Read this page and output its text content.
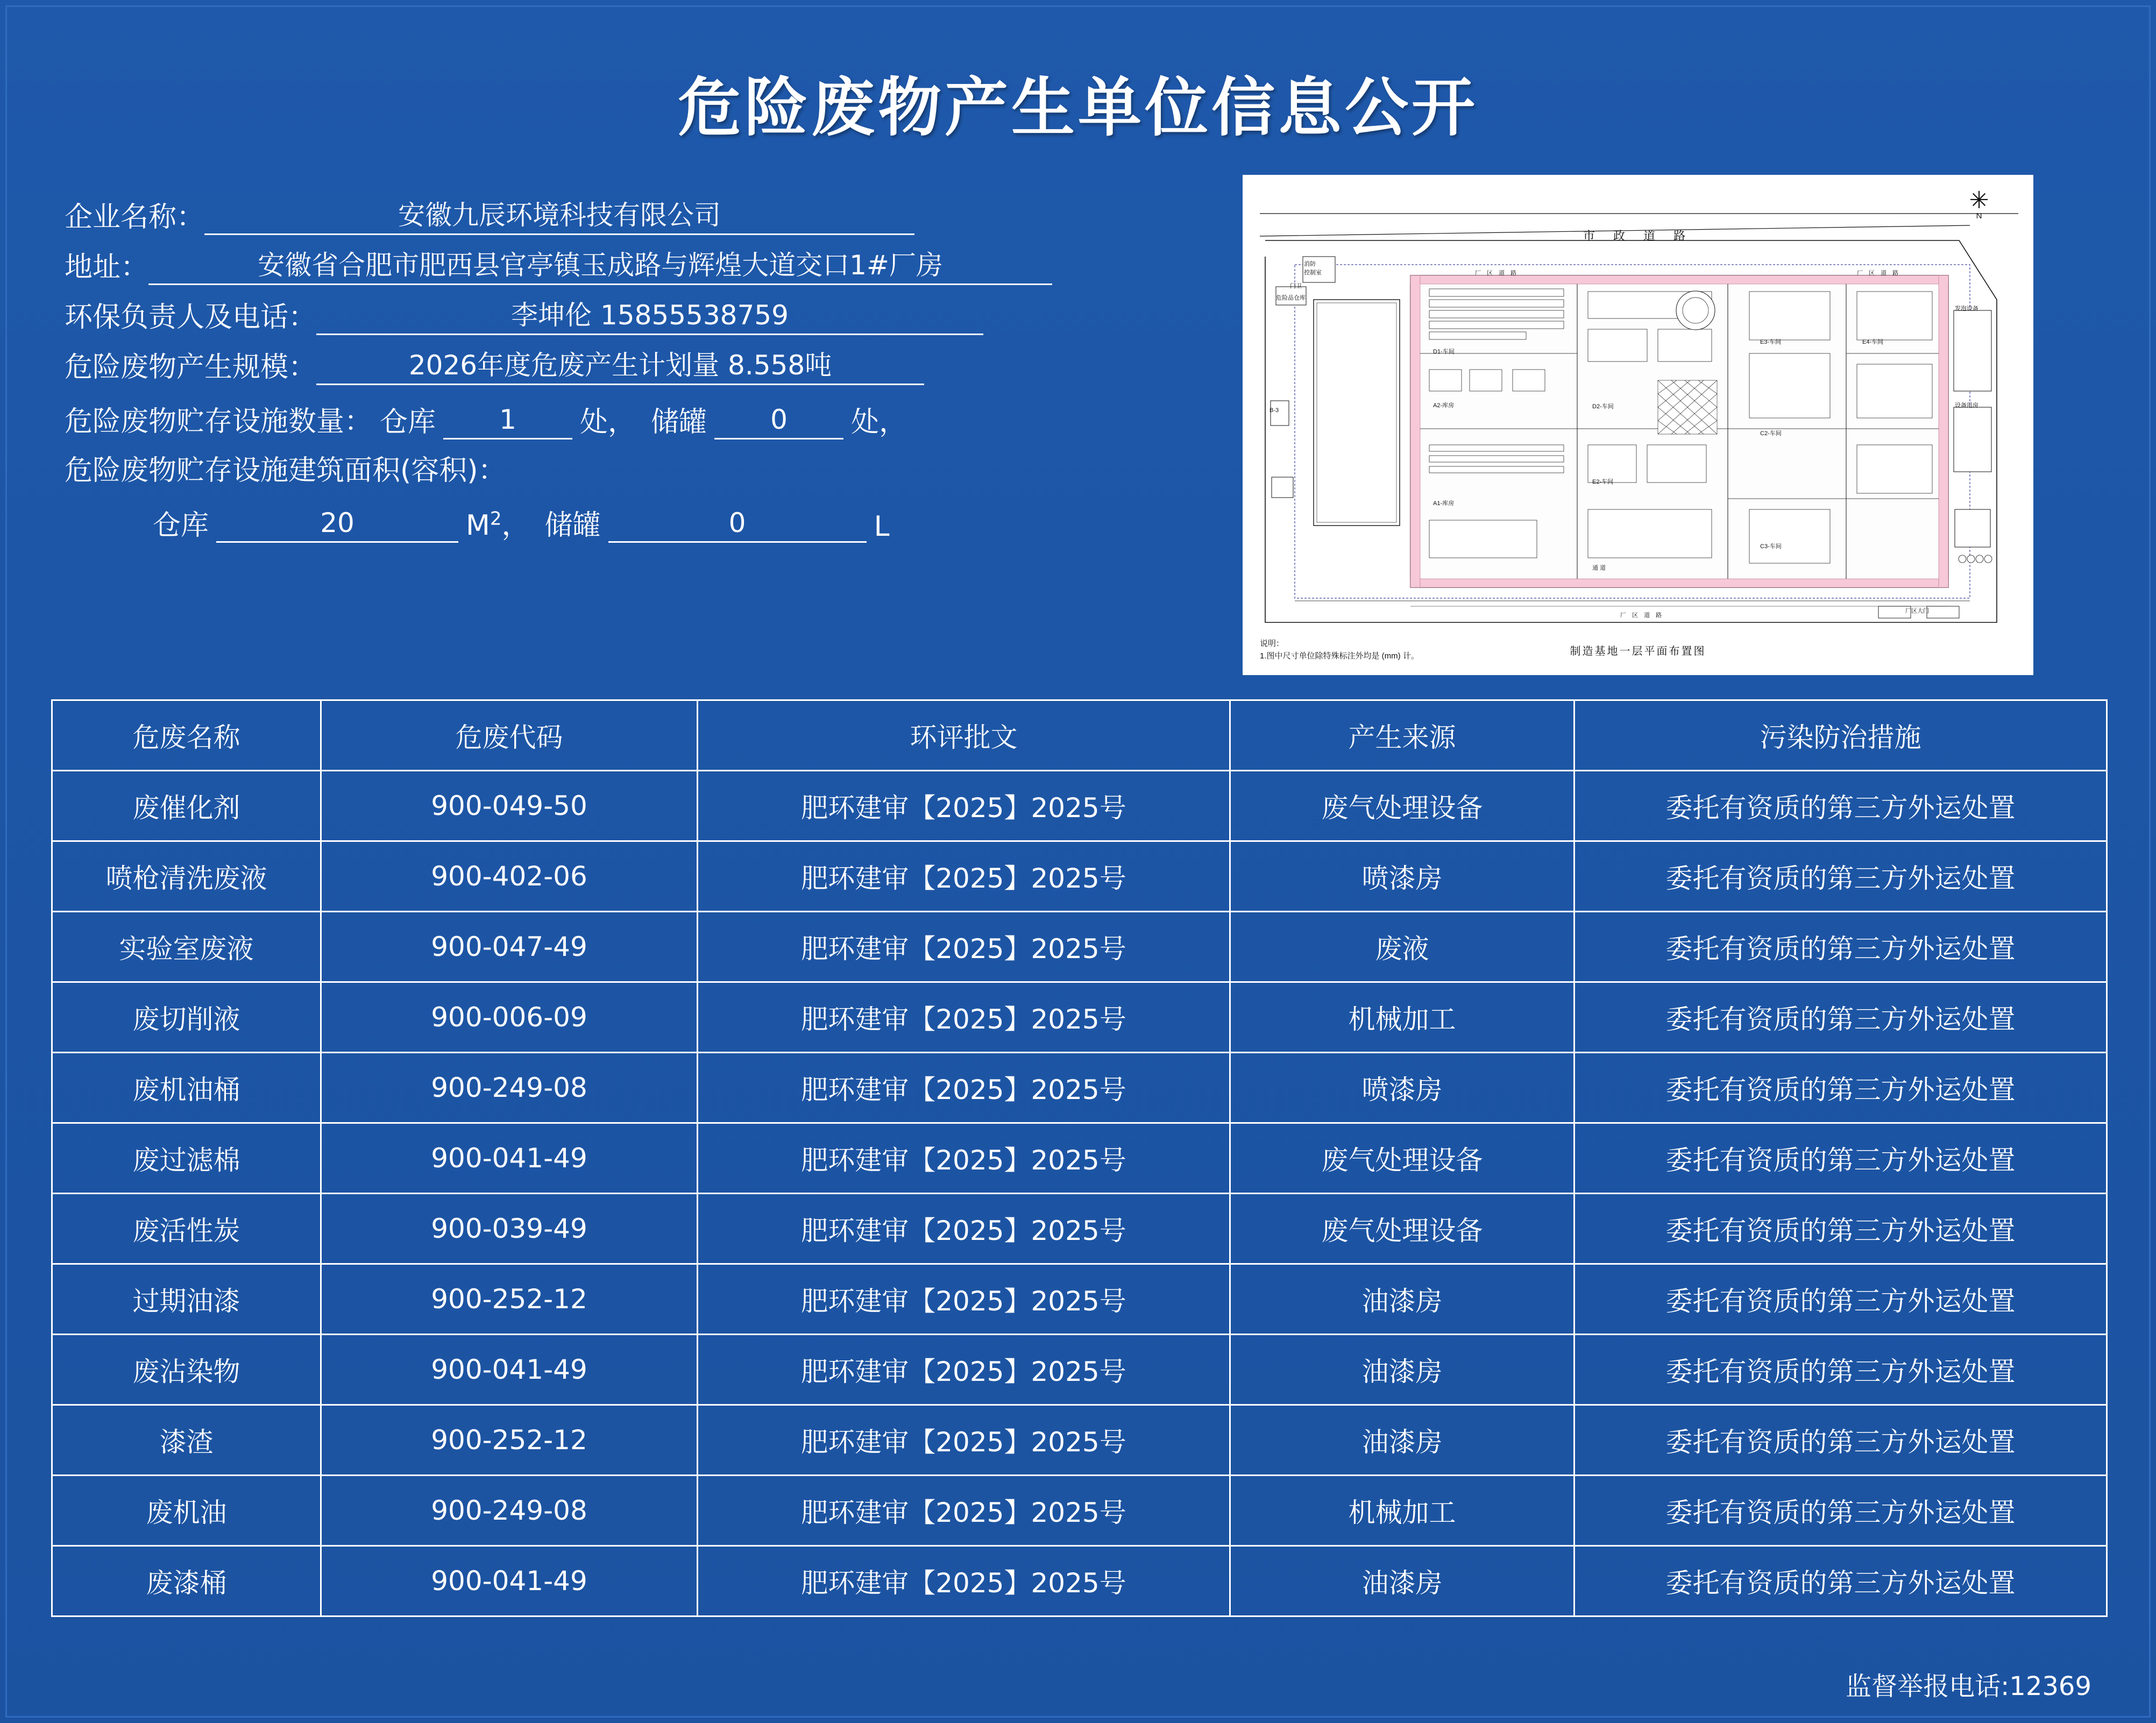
危险废物产生单位信息公开
企业名称：	安徽九辰环境科技有限公司
地址：	安徽省合肥市肥西县官亭镇玉成路与辉煌大道交口1#厂房
环保负责人及电话：	李坤伦 15855538759
危险废物产生规模：	2026年度危废产生计划量 8.558吨
危险废物贮存设施数量： 仓库	1	处， 储罐	0	处，
危险废物贮存设施建筑面积(容积)：
仓库	20	$M^2$， 储罐	0	L
市 政 道 路
✳
N
门卫
消防
控制室
B-3
危险品仓库
D1-车间
A2-库房
A1-库房
D2-车间
E2-车间
E3-车间
C2-车间
C3-车间
E4-车间
发泡设备
设备用房
通 道
厂区大门
厂 区 道 路	厂 区 道 路
厂 区 道 路
说明：
1.图中尺寸单位除特殊标注外均是 (mm) 计。	制造基地一层平面布置图
危废名称	危废代码	环评批文	产生来源	污染防治措施
废催化剂	900-049-50	肥环建审【2025】2025号	废气处理设备	委托有资质的第三方外运处置
喷枪清洗废液	900-402-06	肥环建审【2025】2025号	喷漆房	委托有资质的第三方外运处置
实验室废液	900-047-49	肥环建审【2025】2025号	废液	委托有资质的第三方外运处置
废切削液	900-006-09	肥环建审【2025】2025号	机械加工	委托有资质的第三方外运处置
废机油桶	900-249-08	肥环建审【2025】2025号	喷漆房	委托有资质的第三方外运处置
废过滤棉	900-041-49	肥环建审【2025】2025号	废气处理设备	委托有资质的第三方外运处置
废活性炭	900-039-49	肥环建审【2025】2025号	废气处理设备	委托有资质的第三方外运处置
过期油漆	900-252-12	肥环建审【2025】2025号	油漆房	委托有资质的第三方外运处置
废沾染物	900-041-49	肥环建审【2025】2025号	油漆房	委托有资质的第三方外运处置
漆渣	900-252-12	肥环建审【2025】2025号	油漆房	委托有资质的第三方外运处置
废机油	900-249-08	肥环建审【2025】2025号	机械加工	委托有资质的第三方外运处置
废漆桶	900-041-49	肥环建审【2025】2025号	油漆房	委托有资质的第三方外运处置
监督举报电话:12369
